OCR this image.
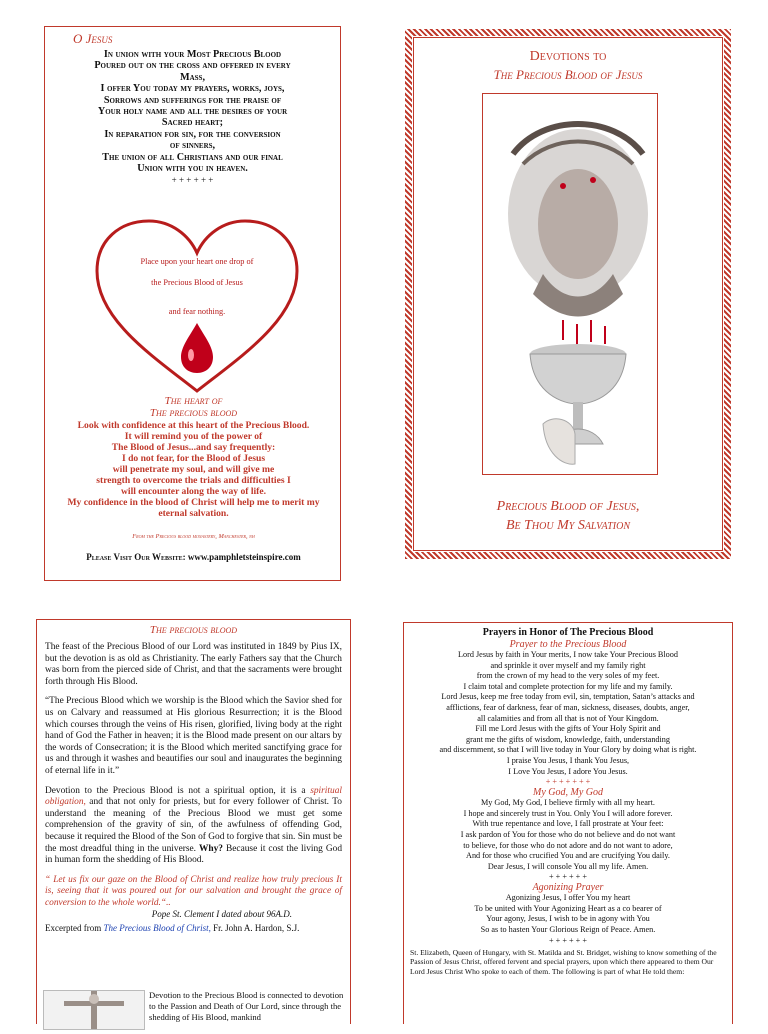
O Jesus
In union with your Most Precious Blood
Poured out on the cross and offered in every
Mass,
I offer You today my prayers, works, joys,
Sorrows and sufferings for the praise of
Your holy name and all the desires of your
Sacred heart;
In reparation for sin, for the conversion
of sinners,
The union of all Christians and our final
Union with you in heaven.
+ + + + + +
Place upon your heart one drop of
the Precious Blood of Jesus
and fear nothing.
The heart of
The precious blood
Look with confidence at this heart of the Precious Blood.
It will remind you of the power of
The Blood of Jesus...and say frequently:
I do not fear, for the Blood of Jesus
will penetrate my soul, and will give me
strength to overcome the trials and difficulties I
will encounter along the way of life.
My confidence in the blood of Christ will help me to merit my
eternal salvation.
From the Precious blood monastery, Manchester, nh
Please Visit Our Website: www.pamphletsteinspire.com
Devotions to
The Precious Blood of Jesus
Precious Blood of Jesus,
Be Thou My Salvation
The precious blood

The feast of the Precious Blood of our Lord was instituted in 1849 by Pius IX, but the devotion is as old as Christianity. The early Fathers say that the Church was born from the pierced side of Christ, and that the sacraments were brought forth through His Blood.

“The Precious Blood which we worship is the Blood which the Savior shed for us on Calvary and reassumed at His glorious Resurrection; it is the Blood which courses through the veins of His risen, glorified, living body at the right hand of God the Father in heaven; it is the Blood made present on our altars by the words of Consecration; it is the Blood which merited sanctifying grace for us and through it washes and beautifies our soul and inaugurates the beginning of eternal life in it.”

Devotion to the Precious Blood is not a spiritual option, it is a spiritual obligation, and that not only for priests, but for every follower of Christ. To understand the meaning of the Precious Blood we must get some comprehension of the gravity of sin, of the awfulness of offending God, because it required the Blood of the Son of God to forgive that sin. Sin must be the most dreadful thing in the universe. Why? Because it cost the living God in human form the shedding of His Blood.

“ Let us fix our gaze on the Blood of Christ and realize how truly precious It is, seeing that it was poured out for our salvation and brought the grace of conversion to the whole world.“..

Pope St. Clement I dated about 96A.D.

Excerpted from The Precious Blood of Christ, Fr. John A. Hardon, S.J.

Devotion to the Precious Blood is connected to devotion to the Passion and Death of Our Lord, since through the shedding of His Blood, mankind
Prayers in Honor of The Precious Blood
Prayer to the Precious Blood
Lord Jesus by faith in Your merits, I now take Your Precious Blood
and sprinkle it over myself and my family right
from the crown of my head to the very soles of my feet.
I claim total and complete protection for my life and my family.
Lord Jesus, keep me free today from evil, sin, temptation, Satan’s attacks and
afflictions, fear of darkness, fear of man, sickness, diseases, doubts, anger,
all calamities and from all that is not of Your Kingdom.
Fill me Lord Jesus with the gifts of Your Holy Spirit and
grant me the gifts of wisdom, knowledge, faith, understanding
and discernment, so that I will live today in Your Glory by doing what is right.
I praise You Jesus, I thank You Jesus,
I Love You Jesus, I adore You Jesus.
+ + + + + + +
My God, My God
My God, My God, I believe firmly with all my heart.
I hope and sincerely trust in You. Only You I will adore forever.
With true repentance and love, I fall prostrate at Your feet:
I ask pardon of You for those who do not believe and do not want
to believe, for those who do not adore and do not want to adore,
And for those who crucified You and are crucifying You daily.
Dear Jesus, I will console You all my life. Amen.
+ + + + + +
Agonizing Prayer
Agonizing Jesus, I offer You my heart
To be united with Your Agonizing Heart as a co bearer of
Your agony, Jesus, I wish to be in agony with You
So as to hasten Your Glorious Reign of Peace. Amen.
+ + + + + +
St. Elizabeth, Queen of Hungary, with St. Matilda and St. Bridget, wishing to know something of the Passion of Jesus Christ, offered fervent and special prayers, upon which there appeared to them Our Lord Jesus Christ Who spoke to each of them. The following is part of what He told them:
